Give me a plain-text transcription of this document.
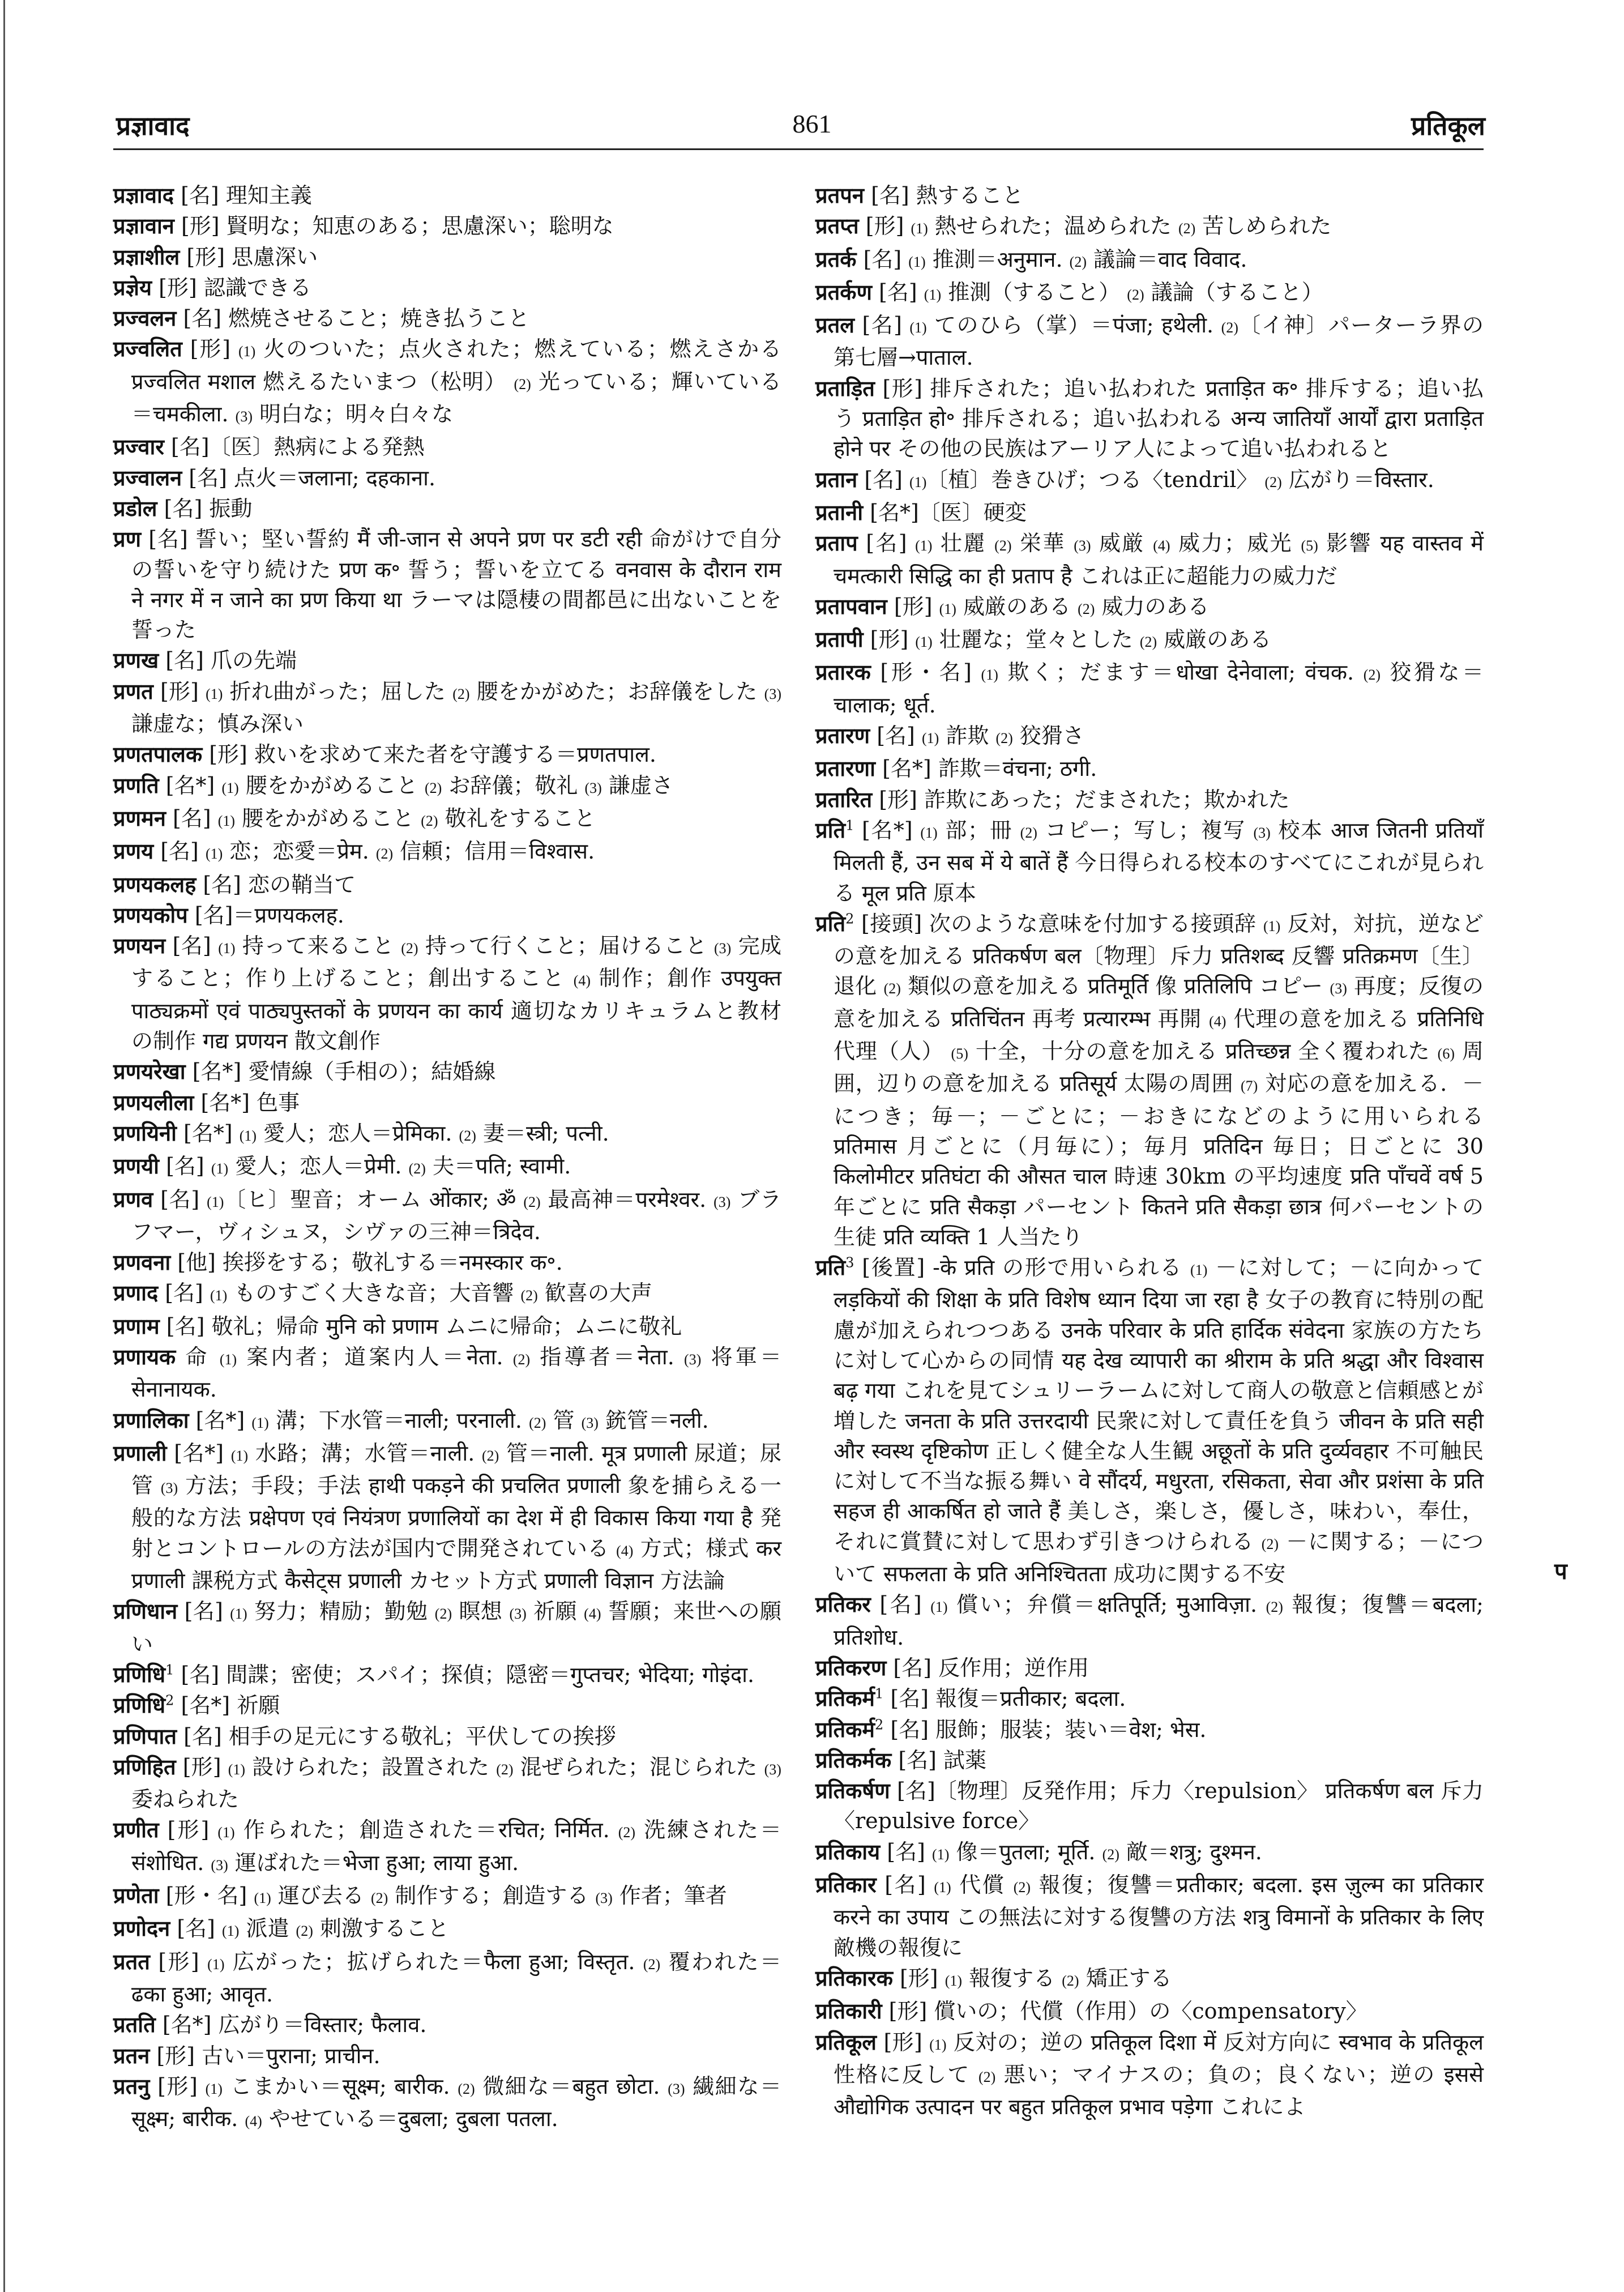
प्रज्ञावाद	861	प्रतिकूल

प्रज्ञावाद [名] 理知主義

प्रज्ञावान [形] 賢明な；知恵のある；思慮深い；聡明な

प्रज्ञाशील [形] 思慮深い

प्रज्ञेय [形] 認識できる

प्रज्वलन [名] 燃焼させること；焼き払うこと

प्रज्वलित [形] (1) 火のついた；点火された；燃えている；燃えさかる प्रज्वलित मशाल 燃えるたいまつ（松明） (2) 光っている；輝いている＝चमकीला. (3) 明白な；明々白々な

प्रज्वार [名]〔医〕熱病による発熱

प्रज्वालन [名] 点火＝जलाना; दहकाना.

प्रडोल [名] 振動

प्रण [名] 誓い；堅い誓約 मैं जी-जान से अपने प्रण पर डटी रही 命がけで自分の誓いを守り続けた प्रण क॰ 誓う；誓いを立てる वनवास के दौरान राम ने नगर में न जाने का प्रण किया था ラーマは隠棲の間都邑に出ないことを誓った

प्रणख [名] 爪の先端

प्रणत [形] (1) 折れ曲がった；屈した (2) 腰をかがめた；お辞儀をした (3) 謙虚な；慎み深い

प्रणतपालक [形] 救いを求めて来た者を守護する＝प्रणतपाल.

प्रणति [名*] (1) 腰をかがめること (2) お辞儀；敬礼 (3) 謙虚さ

प्रणमन [名] (1) 腰をかがめること (2) 敬礼をすること

प्रणय [名] (1) 恋；恋愛＝प्रेम. (2) 信頼；信用＝विश्वास.

प्रणयकलह [名] 恋の鞘当て

प्रणयकोप [名]＝प्रणयकलह.

प्रणयन [名] (1) 持って来ること (2) 持って行くこと；届けること (3) 完成すること；作り上げること；創出すること (4) 制作；創作 उपयुक्त पाठ्यक्रमों एवं पाठ्यपुस्तकों के प्रणयन का कार्य 適切なカリキュラムと教材の制作 गद्य प्रणयन 散文創作

प्रणयरेखा [名*] 愛情線（手相の）；結婚線

प्रणयलीला [名*] 色事

प्रणयिनी [名*] (1) 愛人；恋人＝प्रेमिका. (2) 妻＝स्त्री; पत्नी.

प्रणयी [名] (1) 愛人；恋人＝प्रेमी. (2) 夫＝पति; स्वामी.

प्रणव [名] (1)〔ヒ〕聖音；オーム ओंकार; ॐ (2) 最高神＝परमेश्वर. (3) ブラフマー，ヴィシュヌ，シヴァの三神＝त्रिदेव.

प्रणवना [他] 挨拶をする；敬礼する＝नमस्कार क॰.

प्रणाद [名] (1) ものすごく大きな音；大音響 (2) 歓喜の大声

प्रणाम [名] 敬礼；帰命 मुनि को प्रणाम ムニに帰命；ムニに敬礼

प्रणायक 命 (1) 案内者；道案内人＝नेता. (2) 指導者＝नेता. (3) 将軍＝सेनानायक.

प्रणालिका [名*] (1) 溝；下水管＝नाली; परनाली. (2) 管 (3) 銃管＝नली.

प्रणाली [名*] (1) 水路；溝；水管＝नाली. (2) 管＝नाली. मूत्र प्रणाली 尿道；尿管 (3) 方法；手段；手法 हाथी पकड़ने की प्रचलित प्रणाली 象を捕らえる一般的な方法 प्रक्षेपण एवं नियंत्रण प्रणालियों का देश में ही विकास किया गया है 発射とコントロールの方法が国内で開発されている (4) 方式；様式 कर प्रणाली 課税方式 कैसेट्स प्रणाली カセット方式 प्रणाली विज्ञान 方法論

प्रणिधान [名] (1) 努力；精励；勤勉 (2) 瞑想 (3) 祈願 (4) 誓願；来世への願い

प्रणिधि$^1$ [名] 間諜；密使；スパイ；探偵；隠密＝गुप्तचर; भेदिया; गोइंदा.

प्रणिधि$^2$ [名*] 祈願

प्रणिपात [名] 相手の足元にする敬礼；平伏しての挨拶

प्रणिहित [形] (1) 設けられた；設置された (2) 混ぜられた；混じられた (3) 委ねられた

प्रणीत [形] (1) 作られた；創造された＝रचित; निर्मित. (2) 洗練された＝संशोधित. (3) 運ばれた＝भेजा हुआ; लाया हुआ.

प्रणेता [形・名] (1) 運び去る (2) 制作する；創造する (3) 作者；筆者

प्रणोदन [名] (1) 派遣 (2) 刺激すること

प्रतत [形] (1) 広がった；拡げられた＝फैला हुआ; विस्तृत. (2) 覆われた＝ढका हुआ; आवृत.

प्रतति [名*] 広がり＝विस्तार; फैलाव.

प्रतन [形] 古い＝पुराना; प्राचीन.

प्रतनु [形] (1) こまかい＝सूक्ष्म; बारीक. (2) 微細な＝बहुत छोटा. (3) 繊細な＝सूक्ष्म; बारीक. (4) やせている＝दुबला; दुबला पतला.

प्रतपन [名] 熱すること

प्रतप्त [形] (1) 熱せられた；温められた (2) 苦しめられた

प्रतर्क [名] (1) 推測＝अनुमान. (2) 議論＝वाद विवाद.

प्रतर्कण [名] (1) 推測（すること） (2) 議論（すること）

प्रतल [名] (1) てのひら（掌）＝पंजा; हथेली. (2)〔イ神〕パーターラ界の第七層→पाताल.

प्रताड़ित [形] 排斥された；追い払われた प्रताड़ित क॰ 排斥する；追い払う प्रताड़ित हो॰ 排斥される；追い払われる अन्य जातियाँ आर्यों द्वारा प्रताड़ित होने पर その他の民族はアーリア人によって追い払われると

प्रतान [名] (1)〔植〕巻きひげ；つる〈tendril〉 (2) 広がり＝विस्तार.

प्रतानी [名*]〔医〕硬変

प्रताप [名] (1) 壮麗 (2) 栄華 (3) 威厳 (4) 威力；威光 (5) 影響 यह वास्तव में चमत्कारी सिद्धि का ही प्रताप है これは正に超能力の威力だ

प्रतापवान [形] (1) 威厳のある (2) 威力のある

प्रतापी [形] (1) 壮麗な；堂々とした (2) 威厳のある

प्रतारक [形・名] (1) 欺く；だます＝धोखा देनेवाला; वंचक. (2) 狡猾な＝चालाक; धूर्त.

प्रतारण [名] (1) 詐欺 (2) 狡猾さ

प्रतारणा [名*] 詐欺＝वंचना; ठगी.

प्रतारित [形] 詐欺にあった；だまされた；欺かれた

प्रति$^1$ [名*] (1) 部；冊 (2) コピー；写し；複写 (3) 校本 आज जितनी प्रतियाँ मिलती हैं, उन सब में ये बातें हैं 今日得られる校本のすべてにこれが見られる मूल प्रति 原本

प्रति$^2$ [接頭] 次のような意味を付加する接頭辞 (1) 反対，対抗，逆などの意を加える प्रतिकर्षण बल〔物理〕斥力 प्रतिशब्द 反響 प्रतिक्रमण〔生〕退化 (2) 類似の意を加える प्रतिमूर्ति 像 प्रतिलिपि コピー (3) 再度；反復の意を加える प्रतिचिंतन 再考 प्रत्यारम्भ 再開 (4) 代理の意を加える प्रतिनिधि 代理（人） (5) 十全，十分の意を加える प्रतिच्छन्न 全く覆われた (6) 周囲，辺りの意を加える प्रतिसूर्य 太陽の周囲 (7) 対応の意を加える．－につき；毎－；－ごとに；－おきになどのように用いられる प्रतिमास 月ごとに（月毎に）；毎月 प्रतिदिन 毎日；日ごとに 30 किलोमीटर प्रतिघंटा की औसत चाल 時速 30km の平均速度 प्रति पाँचवें वर्ष 5 年ごとに प्रति सैकड़ा パーセント कितने प्रति सैकड़ा छात्र 何パーセントの生徒 प्रति व्यक्ति 1 人当たり

प्रति$^3$ [後置] -के प्रति の形で用いられる (1) －に対して；－に向かって लड़कियों की शिक्षा के प्रति विशेष ध्यान दिया जा रहा है 女子の教育に特別の配慮が加えられつつある उनके परिवार के प्रति हार्दिक संवेदना 家族の方たちに対して心からの同情 यह देख व्यापारी का श्रीराम के प्रति श्रद्धा और विश्वास बढ़ गया これを見てシュリーラームに対して商人の敬意と信頼感とが増した जनता के प्रति उत्तरदायी 民衆に対して責任を負う जीवन के प्रति सही और स्वस्थ दृष्टिकोण 正しく健全な人生観 अछूतों के प्रति दुर्व्यवहार 不可触民に対して不当な振る舞い वे सौंदर्य, मधुरता, रसिकता, सेवा और प्रशंसा के प्रति सहज ही आकर्षित हो जाते हैं 美しさ，楽しさ，優しさ，味わい，奉仕，それに賞賛に対して思わず引きつけられる (2) －に関する；－について सफलता के प्रति अनिश्चितता 成功に関する不安

प्रतिकर [名] (1) 償い；弁償＝क्षतिपूर्ति; मुआविज़ा. (2) 報復；復讐＝बदला; प्रतिशोध.

प्रतिकरण [名] 反作用；逆作用

प्रतिकर्म$^1$ [名] 報復＝प्रतीकार; बदला.

प्रतिकर्म$^2$ [名] 服飾；服装；装い＝वेश; भेस.

प्रतिकर्मक [名] 試薬

प्रतिकर्षण [名]〔物理〕反発作用；斥力〈repulsion〉 प्रतिकर्षण बल 斥力〈repulsive force〉

प्रतिकाय [名] (1) 像＝पुतला; मूर्ति. (2) 敵＝शत्रु; दुश्मन.

प्रतिकार [名] (1) 代償 (2) 報復；復讐＝प्रतीकार; बदला. इस ज़ुल्म का प्रतिकार करने का उपाय この無法に対する復讐の方法 शत्रु विमानों के प्रतिकार के लिए 敵機の報復に

प्रतिकारक [形] (1) 報復する (2) 矯正する

प्रतिकारी [形] 償いの；代償（作用）の〈compensatory〉

प्रतिकूल [形] (1) 反対の；逆の प्रतिकूल दिशा में 反対方向に स्वभाव के प्रतिकूल 性格に反して (2) 悪い；マイナスの；負の；良くない；逆の इससे औद्योगिक उत्पादन पर बहुत प्रतिकूल प्रभाव पड़ेगा これによ

प
